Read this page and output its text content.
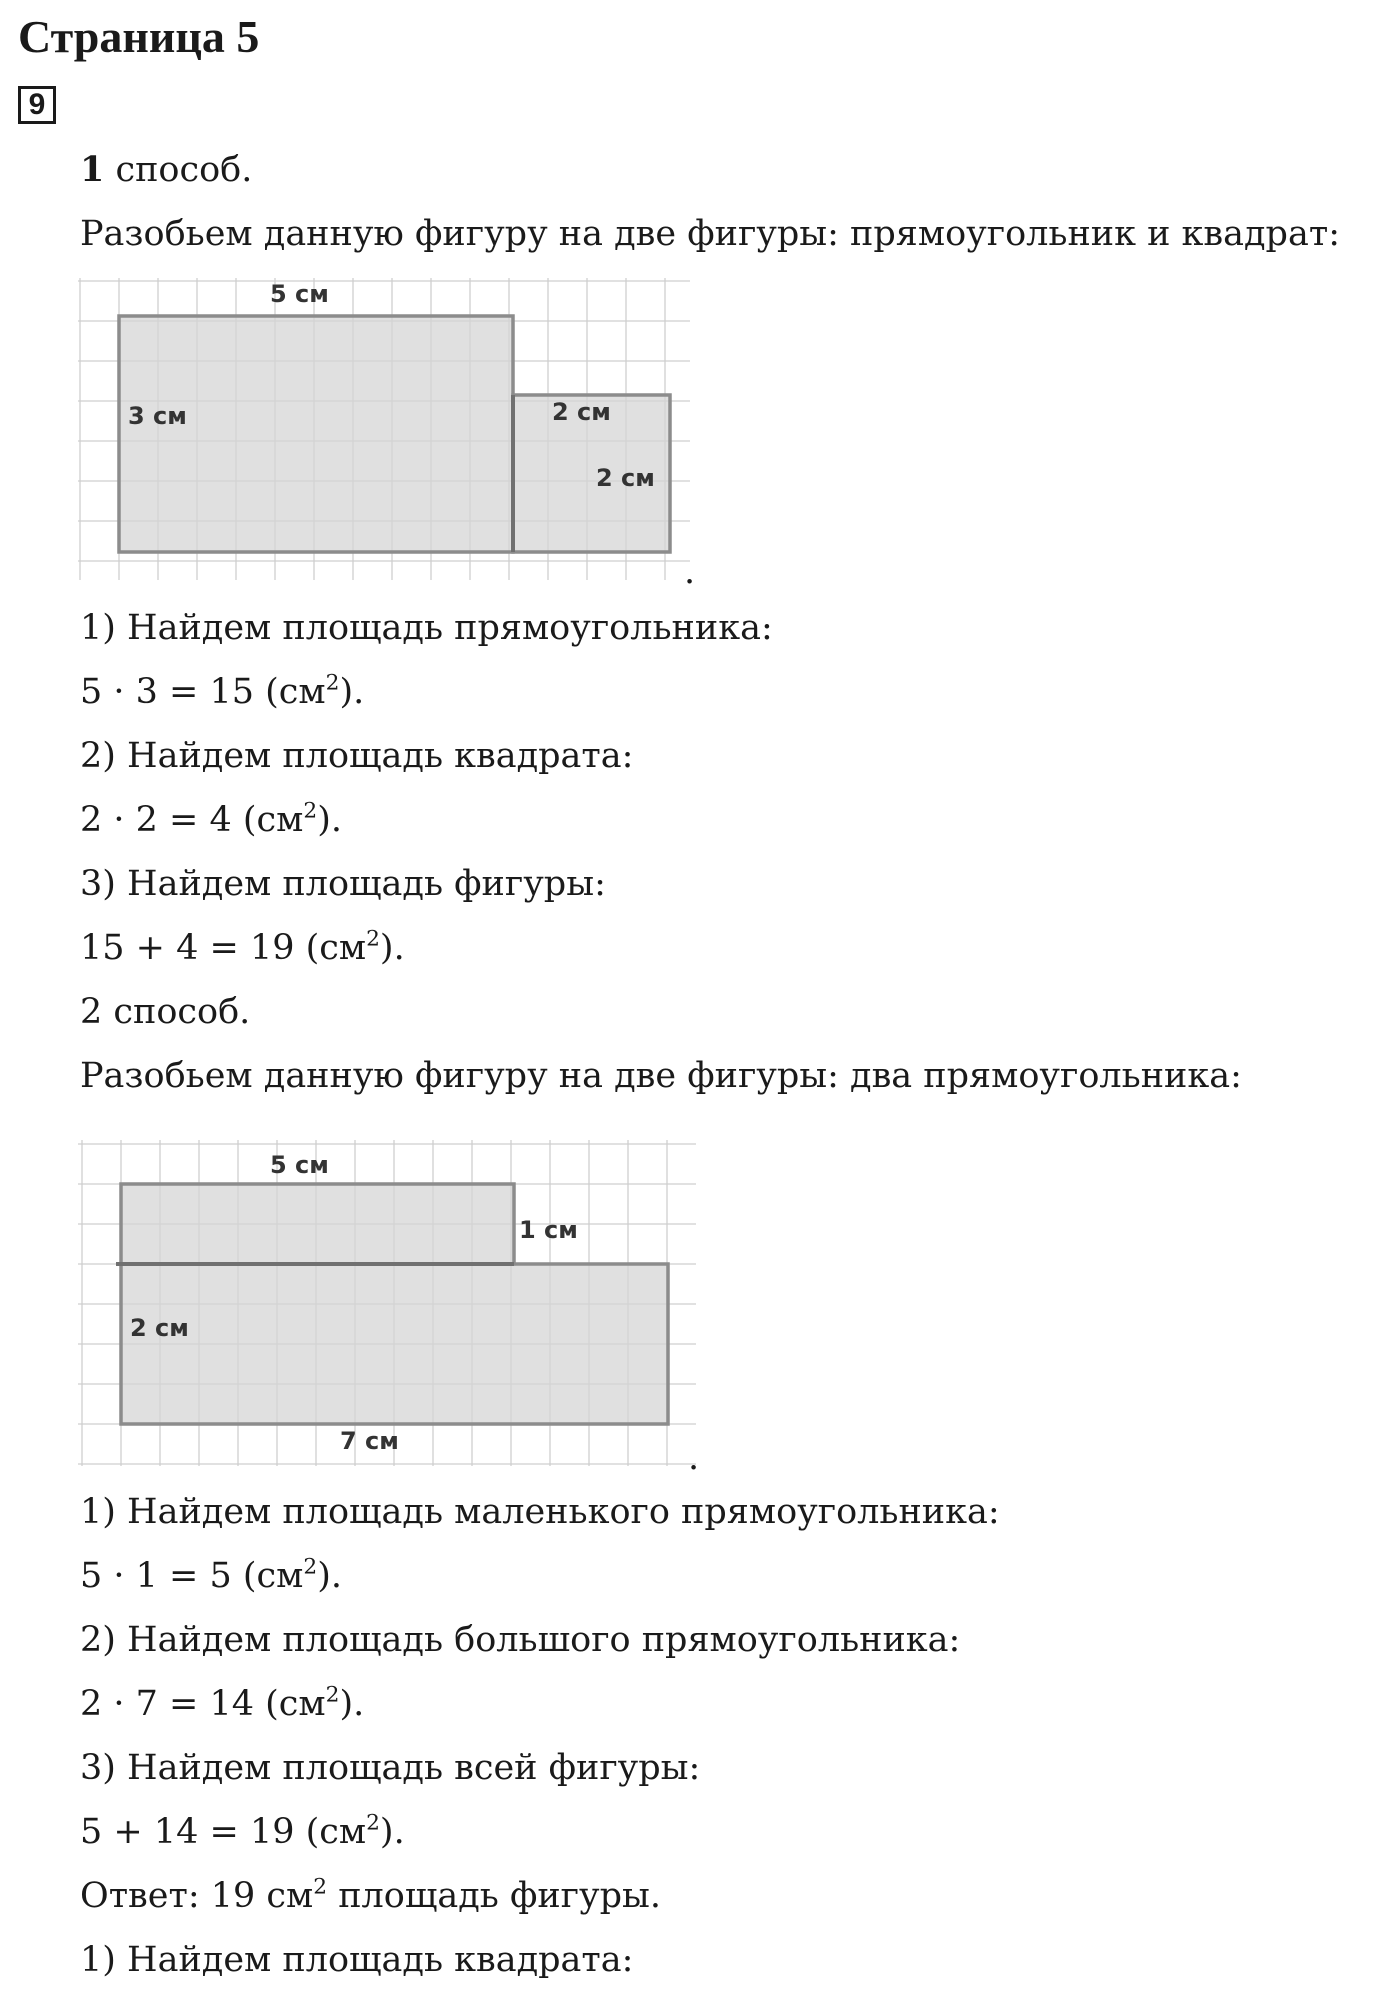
Страница 5
9
1 способ.
Разобьем данную фигуру на две фигуры: прямоугольник и квадрат:
5 см
3 см	2 см
2 см
.
1) Найдем площадь прямоугольника:
5 · 3 = 15 $(см^2)$.
2) Найдем площадь квадрата:
2 · 2 = 4 $(см^2)$.
3) Найдем площадь фигуры:
15 + 4 = 19 $(см^2)$.
2 способ.
Разобьем данную фигуру на две фигуры: два прямоугольника:
5 см
1 см
2 см
7 см	.
1) Найдем площадь маленького прямоугольника:
5 · 1 = 5 $(см^2)$.
2) Найдем площадь большого прямоугольника:
2 · 7 = 14 $(см^2)$.
3) Найдем площадь всей фигуры:
5 + 14 = 19 $(см^2)$.
Ответ: 19 $см^2$ площадь фигуры.
1) Найдем площадь квадрата:
